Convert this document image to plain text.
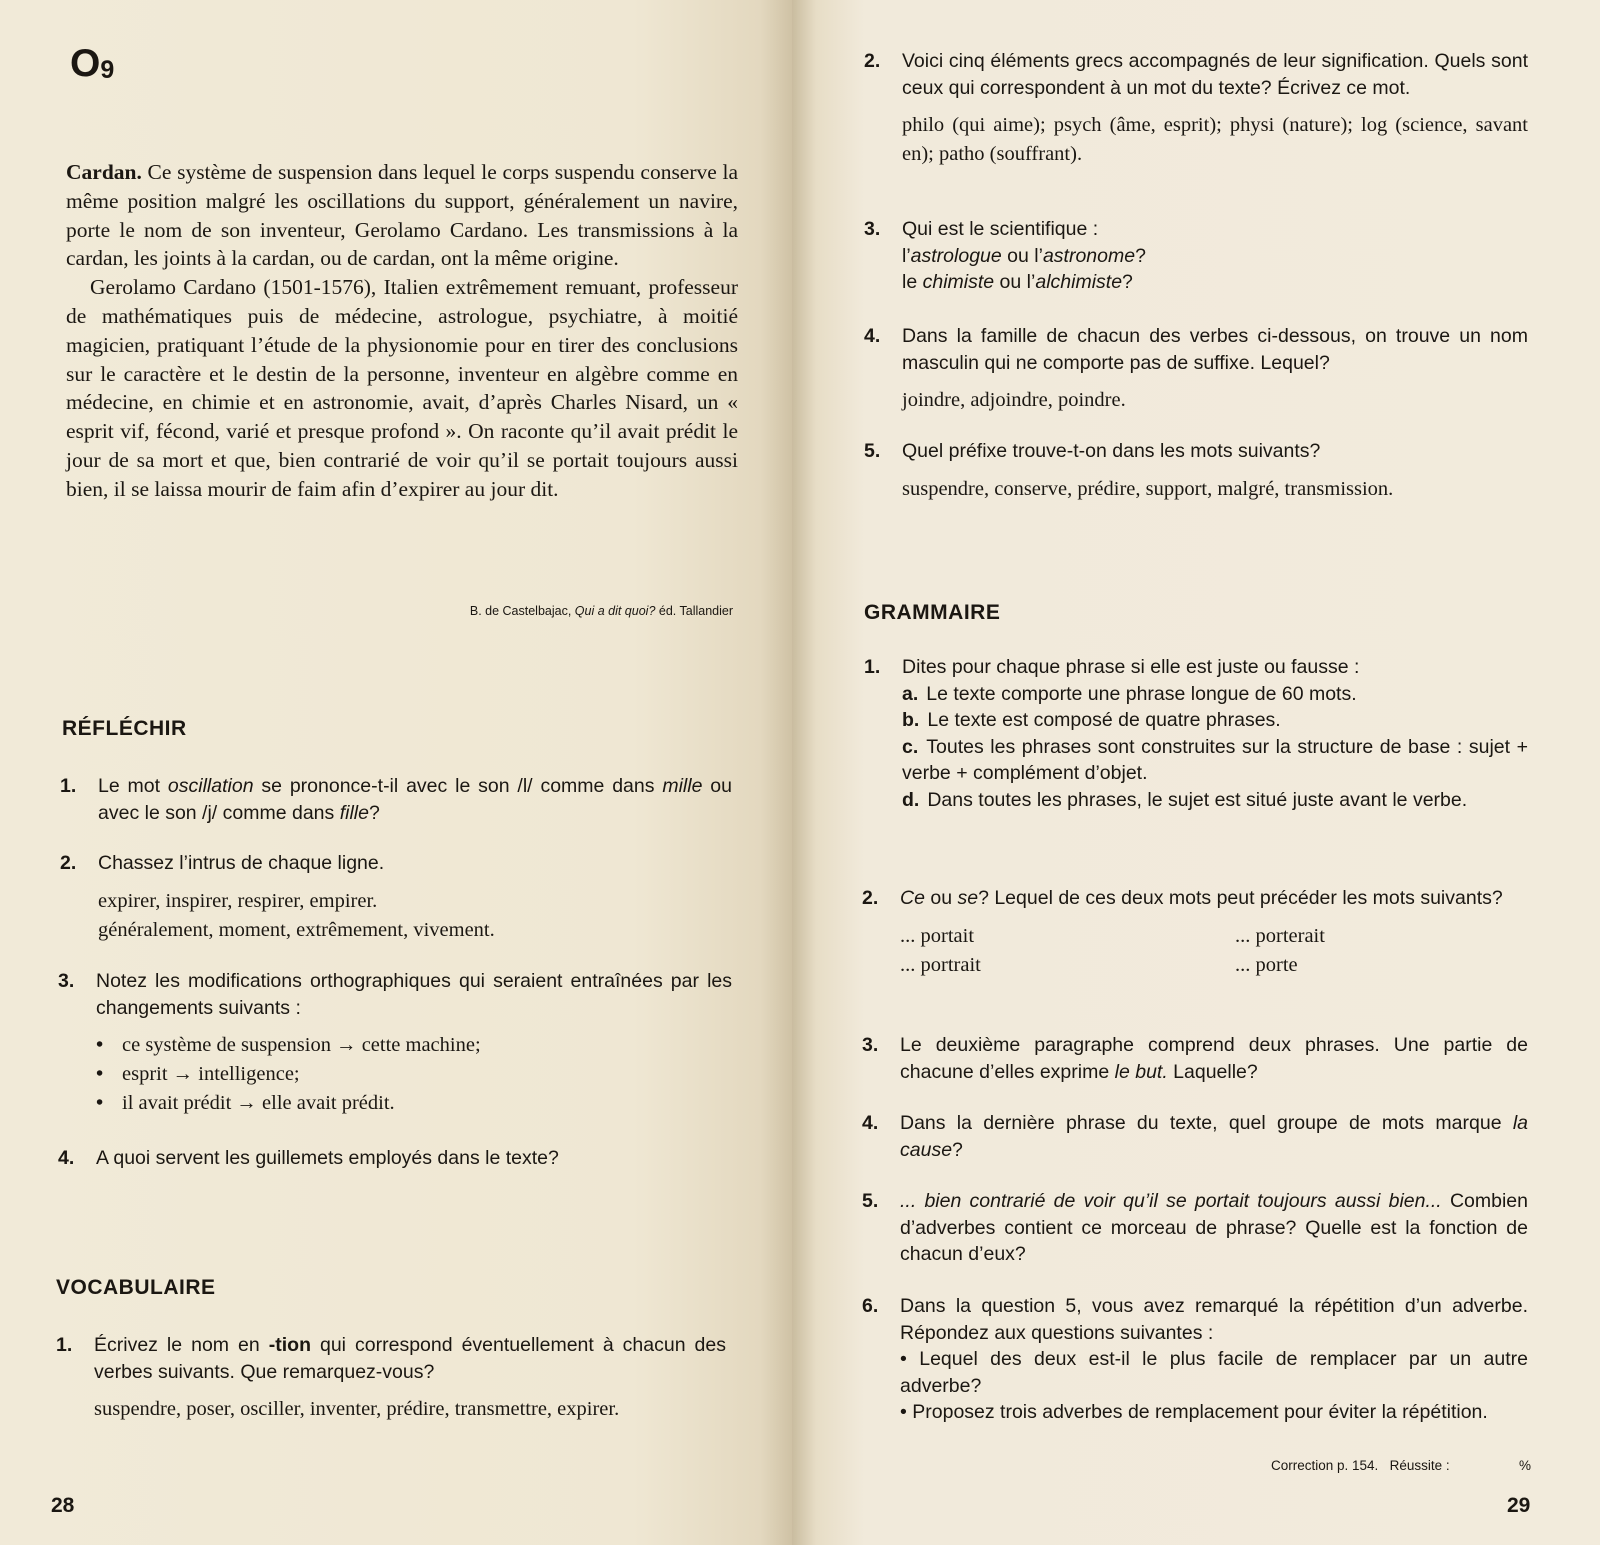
$O_9$

Cardan. Ce système de suspension dans lequel le corps suspendu conserve la même position malgré les oscillations du support, généralement un navire, porte le nom de son inventeur, Gerolamo Cardano. Les transmissions à la cardan, les joints à la cardan, ou de cardan, ont la même origine.

Gerolamo Cardano (1501-1576), Italien extrêmement remuant, professeur de mathématiques puis de médecine, astrologue, psychiatre, à moitié magicien, pratiquant l’étude de la physionomie pour en tirer des conclusions sur le caractère et le destin de la personne, inventeur en algèbre comme en médecine, en chimie et en astronomie, avait, d’après Charles Nisard, un « esprit vif, fécond, varié et presque profond ». On raconte qu’il avait prédit le jour de sa mort et que, bien contrarié de voir qu’il se portait toujours aussi bien, il se laissa mourir de faim afin d’expirer au jour dit.

B. de Castelbajac, Qui a dit quoi? éd. Tallandier
RÉFLÉCHIR
1. Le mot oscillation se prononce-t-il avec le son /l/ comme dans mille ou avec le son /j/ comme dans fille?
2. Chassez l’intrus de chaque ligne.

expirer, inspirer, respirer, empirer.

généralement, moment, extrêmement, vivement.

3. Notez les modifications orthographiques qui seraient entraînées par les changements suivants :

• ce système de suspension → cette machine;
• esprit → intelligence;
• il avait prédit → elle avait prédit.
4. A quoi servent les guillemets employés dans le texte?
VOCABULAIRE
1. Écrivez le nom en -tion qui correspond éventuellement à chacun des verbes suivants. Que remarquez-vous?

suspendre, poser, osciller, inventer, prédire, transmettre, expirer.

28
2. Voici cinq éléments grecs accompagnés de leur signification. Quels sont ceux qui correspondent à un mot du texte? Écrivez ce mot.

philo (qui aime); psych (âme, esprit); physi (nature); log (science, savant en); patho (souffrant).

3. Qui est le scientifique :

l’astrologue ou l’astronome?

le chimiste ou l’alchimiste?

4. Dans la famille de chacun des verbes ci-dessous, on trouve un nom masculin qui ne comporte pas de suffixe. Lequel?

joindre, adjoindre, poindre.

5. Quel préfixe trouve-t-on dans les mots suivants?

suspendre, conserve, prédire, support, malgré, transmission.

GRAMMAIRE
1. Dites pour chaque phrase si elle est juste ou fausse :

a. Le texte comporte une phrase longue de 60 mots.

b. Le texte est composé de quatre phrases.

c. Toutes les phrases sont construites sur la structure de base : sujet + verbe + complément d’objet.

d. Dans toutes les phrases, le sujet est situé juste avant le verbe.

2. Ce ou se? Lequel de ces deux mots peut précéder les mots suivants?

... portait	... porterait
... portrait	... porte
3. Le deuxième paragraphe comprend deux phrases. Une partie de chacune d’elles exprime le but. Laquelle?
4. Dans la dernière phrase du texte, quel groupe de mots marque la cause?
5. ... bien contrarié de voir qu’il se portait toujours aussi bien... Combien d’adverbes contient ce morceau de phrase? Quelle est la fonction de chacun d’eux?
6. Dans la question 5, vous avez remarqué la répétition d’un adverbe. Répondez aux questions suivantes :

• Lequel des deux est-il le plus facile de remplacer par un autre adverbe?

• Proposez trois adverbes de remplacement pour éviter la répétition.

Correction p. 154. Réussite :	%
29
